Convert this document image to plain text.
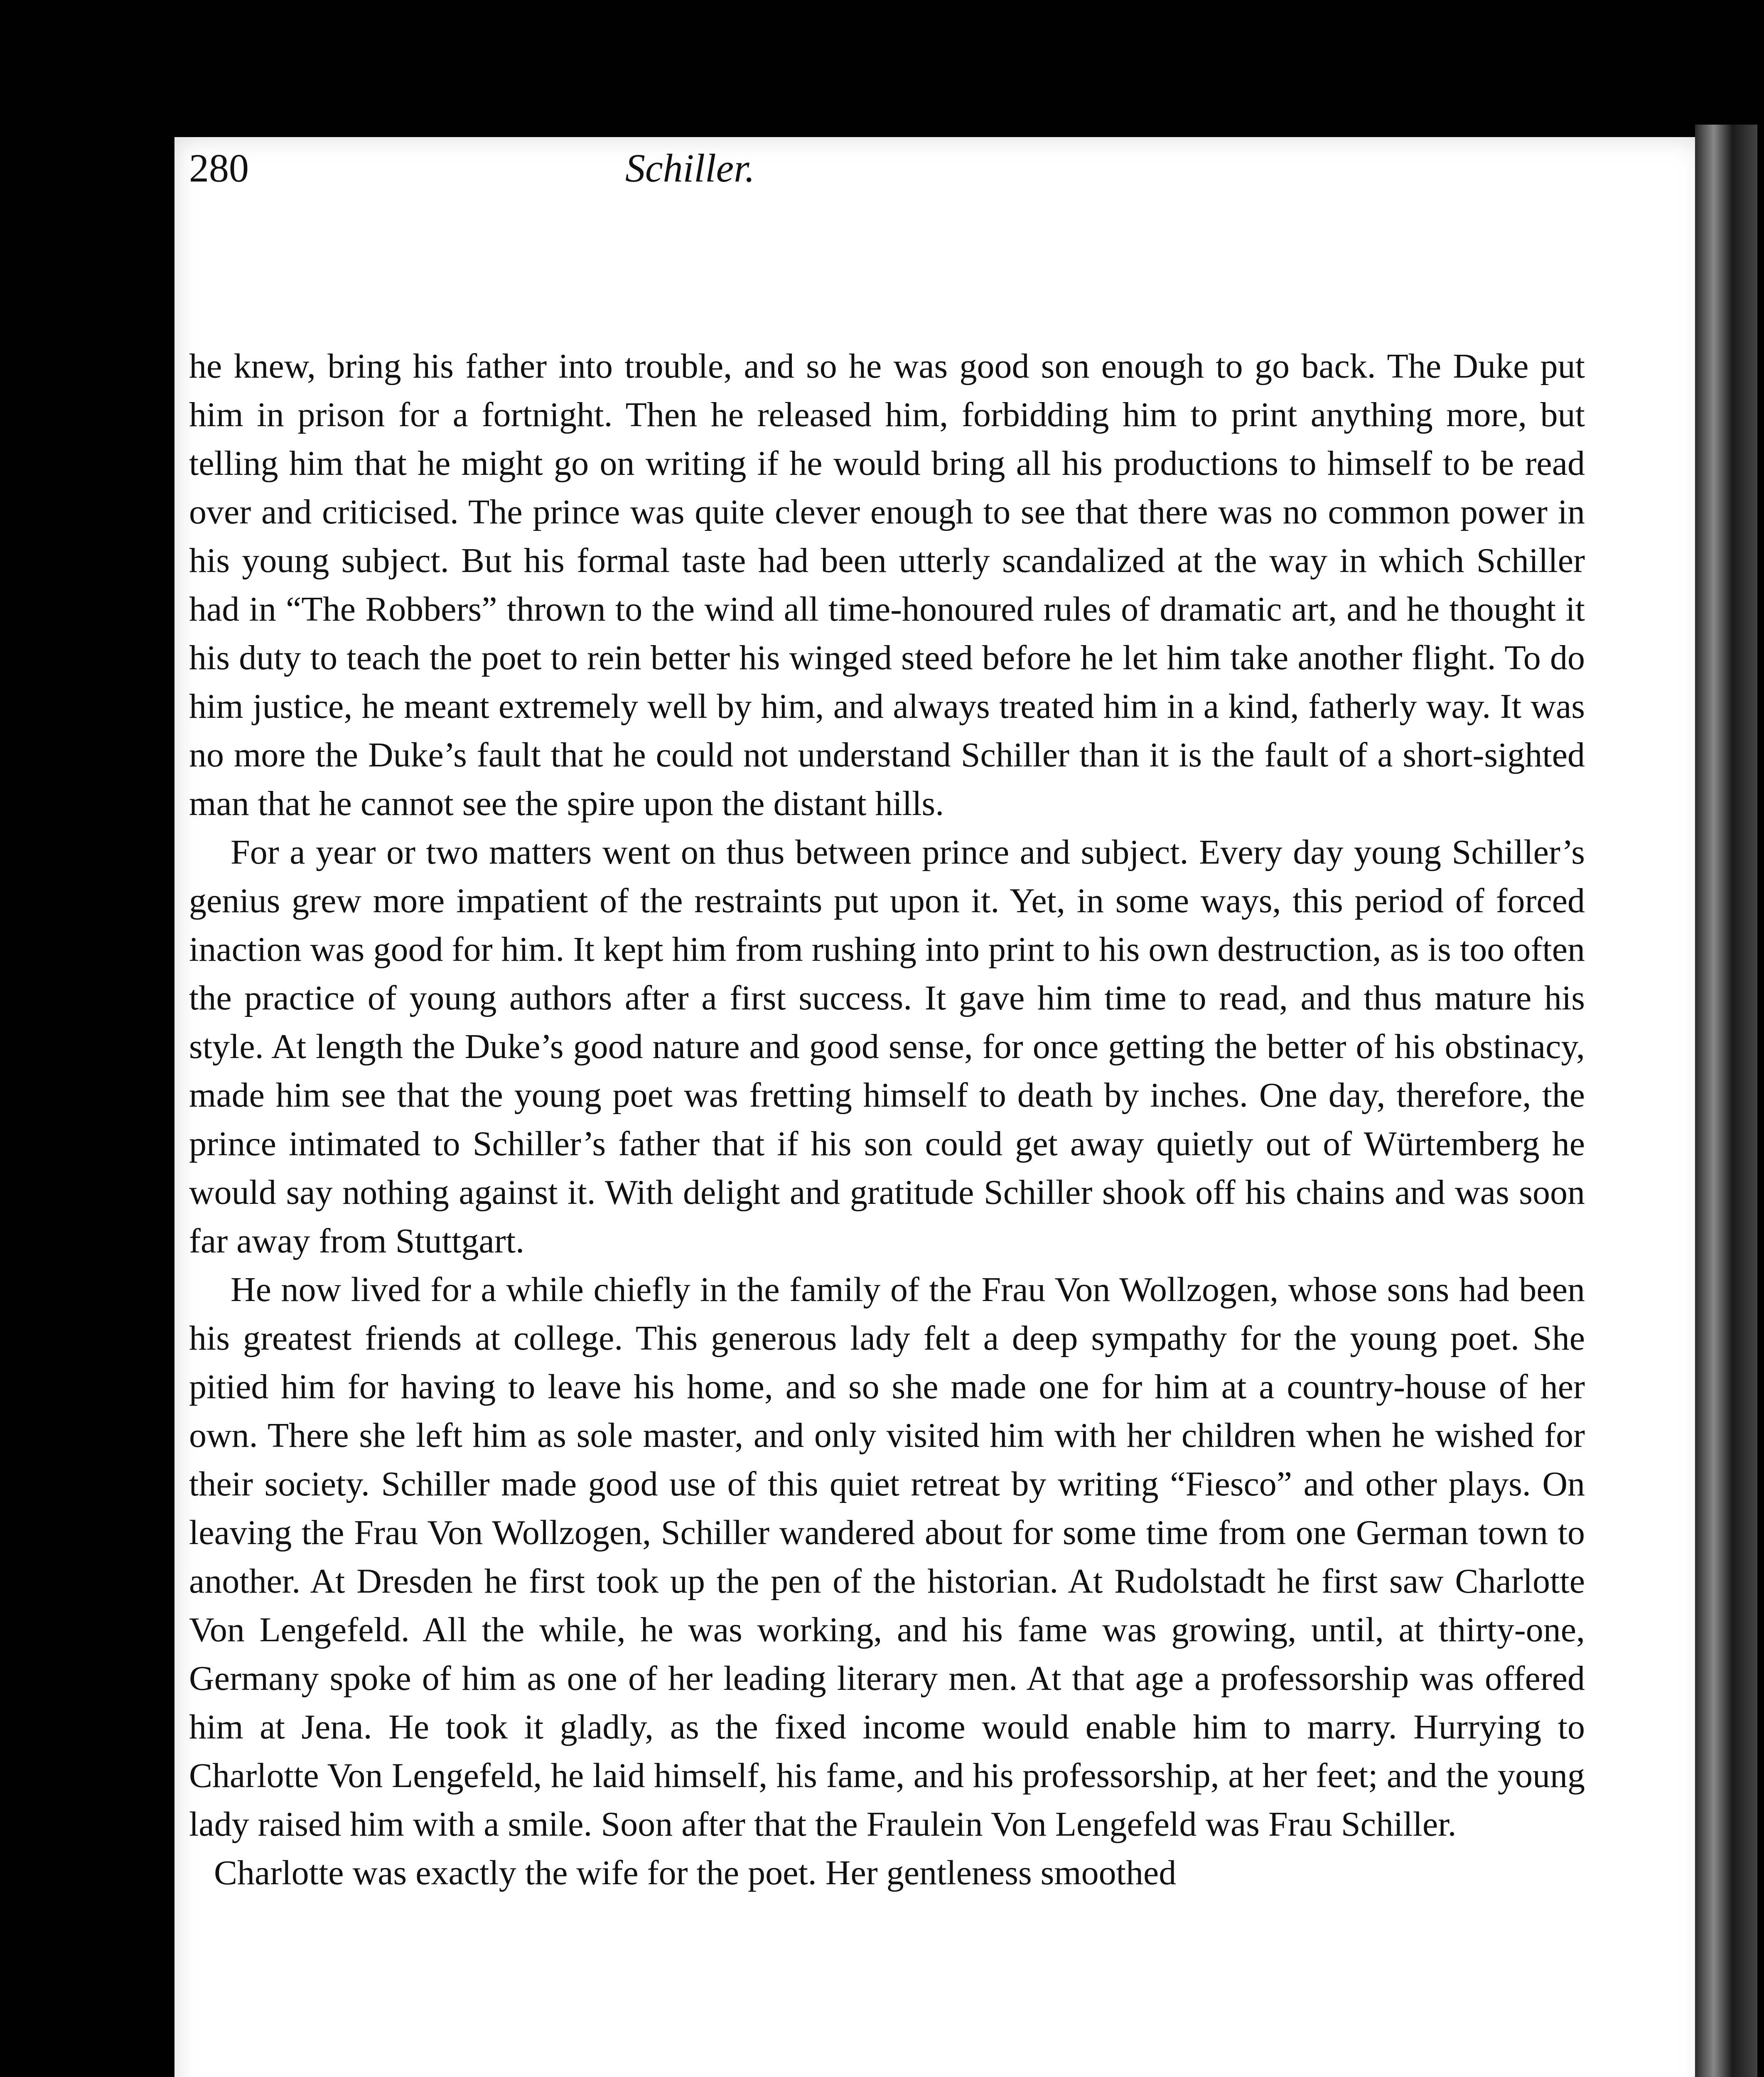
280	Schiller.

he knew, bring his father into trouble, and so he was good son enough to go back. The Duke put him in prison for a fortnight. Then he released him, forbidding him to print anything more, but telling him that he might go on writing if he would bring all his productions to himself to be read over and criticised. The prince was quite clever enough to see that there was no common power in his young subject. But his formal taste had been utterly scandalized at the way in which Schiller had in “The Robbers” thrown to the wind all time-honoured rules of dramatic art, and he thought it his duty to teach the poet to rein better his winged steed before he let him take another flight. To do him justice, he meant extremely well by him, and always treated him in a kind, fatherly way. It was no more the Duke’s fault that he could not understand Schiller than it is the fault of a short-sighted man that he cannot see the spire upon the distant hills.

For a year or two matters went on thus between prince and subject. Every day young Schiller’s genius grew more impatient of the restraints put upon it. Yet, in some ways, this period of forced inaction was good for him. It kept him from rushing into print to his own destruction, as is too often the practice of young authors after a first success. It gave him time to read, and thus mature his style. At length the Duke’s good nature and good sense, for once getting the better of his obstinacy, made him see that the young poet was fretting himself to death by inches. One day, therefore, the prince intimated to Schiller’s father that if his son could get away quietly out of Würtemberg he would say nothing against it. With delight and gratitude Schiller shook off his chains and was soon far away from Stuttgart.

He now lived for a while chiefly in the family of the Frau Von Wollzogen, whose sons had been his greatest friends at college. This generous lady felt a deep sympathy for the young poet. She pitied him for having to leave his home, and so she made one for him at a country-house of her own. There she left him as sole master, and only visited him with her children when he wished for their society. Schiller made good use of this quiet retreat by writing “Fiesco” and other plays. On leaving the Frau Von Wollzogen, Schiller wandered about for some time from one German town to another. At Dresden he first took up the pen of the historian. At Rudolstadt he first saw Charlotte Von Lengefeld. All the while, he was working, and his fame was growing, until, at thirty-one, Germany spoke of him as one of her leading literary men. At that age a professorship was offered him at Jena. He took it gladly, as the fixed income would enable him to marry. Hurrying to Charlotte Von Lengefeld, he laid himself, his fame, and his professorship, at her feet; and the young lady raised him with a smile. Soon after that the Fraulein Von Lengefeld was Frau Schiller.

Charlotte was exactly the wife for the poet. Her gentleness smoothed
